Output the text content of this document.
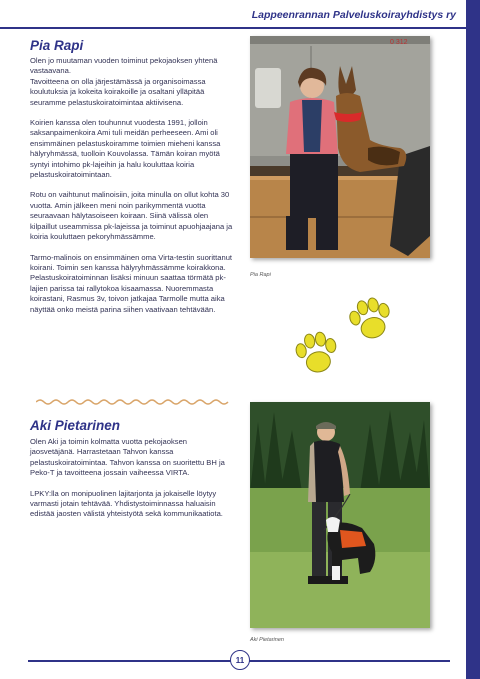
Lappeenrannan Palveluskoirayhdistys ry
Pia Rapi

Olen jo muutaman vuoden toiminut pekojaoksen yhtenä vastaavana.

Tavoitteena on olla järjestämässä ja organisoimassa koulutuksia ja kokeita koirakoille ja osaltani ylläpitää seuramme pelastuskoiratoimintaa aktiivisena.

Koirien kanssa olen touhunnut vuodesta 1991, jolloin saksanpaimenkoira Ami tuli meidän perheeseen. Ami oli ensimmäinen pelastuskoiramme toimien mieheni kanssa hälyryhmässä, tuolloin Kouvolassa. Tämän koiran myötä syntyi intohimo pk-lajeihin ja halu kouluttaa koiria pelastuskoiratoimintaan.

Rotu on vaihtunut malinoisiin, joita minulla on ollut kohta 30 vuotta. Amin jälkeen meni noin parikymmentä vuotta seuraavaan hälytasoiseen koiraan. Siinä välissä olen kilpaillut useammissa pk-lajeissa ja toiminut apuohjaajana ja koiria kouluttaen pekoryhmässämme.

Tarmo-malinois on ensimmäinen oma Virta-testin suorittanut koirani. Toimin sen kanssa hälyryhmässämme koirakkona.

Pelastuskoiratoiminnan lisäksi minuun saattaa törmätä pk-lajien parissa tai rallytokoa kisaamassa. Nuoremmasta koirastani, Rasmus 3v, toivon jatkajaa Tarmolle mutta aika näyttää onko meistä parina siihen vaativaan tehtävään.

0 312
Pia Rapi
Aki Pietarinen

Olen Aki ja toimin kolmatta vuotta pekojaoksen jaosvetäjänä. Harrastetaan Tahvon kanssa pelastuskoiratoimintaa. Tahvon kanssa on suoritettu BH ja Peko-T ja tavoitteena jossain vaiheessa VIRTA.

LPKY:lla on monipuolinen lajitarjonta ja jokaiselle löytyy varmasti jotain tehtävää. Yhdistystoiminnassa haluaisin edistää jaosten välistä yhteistyötä sekä kommunikaatiota.

Aki Pietarinen
11
